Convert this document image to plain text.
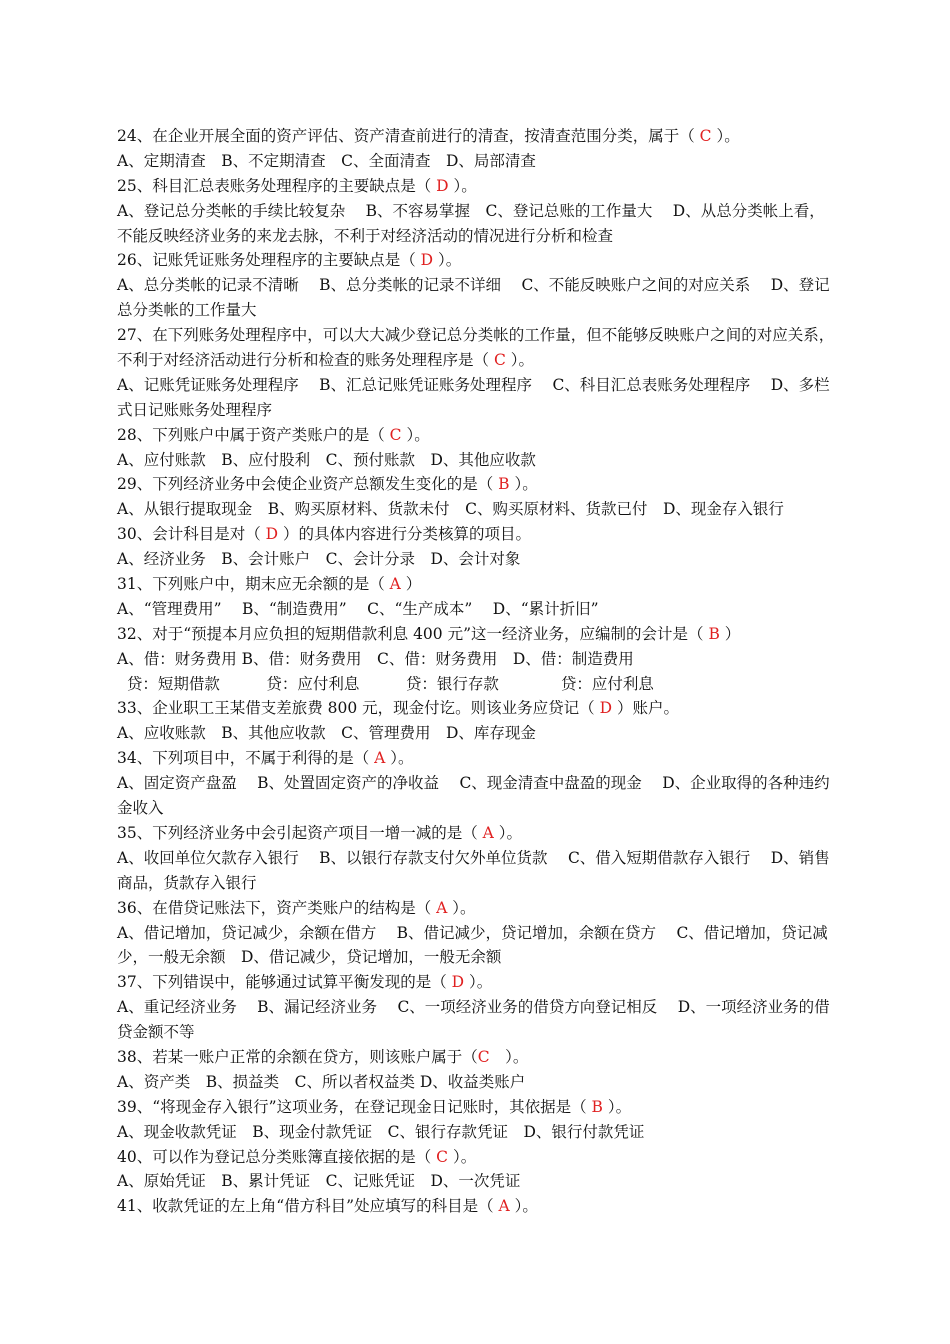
24、在企业开展全面的资产评估、资产清查前进行的清查，按清查范围分类，属于（ C ）。
A、定期清查　B、不定期清查　C、全面清查　D、局部清查
25、科目汇总表账务处理程序的主要缺点是（ D ）。
A、登记总分类帐的手续比较复杂　 B、不容易掌握　C、登记总账的工作量大　 D、从总分类帐上看，
不能反映经济业务的来龙去脉，不利于对经济活动的情况进行分析和检查
26、记账凭证账务处理程序的主要缺点是（ D ）。
A、总分类帐的记录不清晰　 B、总分类帐的记录不详细　 C、不能反映账户之间的对应关系　 D、登记
总分类帐的工作量大
27、在下列账务处理程序中，可以大大减少登记总分类帐的工作量，但不能够反映账户之间的对应关系，
不利于对经济活动进行分析和检查的账务处理程序是（ C ）。
A、记账凭证账务处理程序　 B、汇总记账凭证账务处理程序　 C、科目汇总表账务处理程序　 D、多栏
式日记账账务处理程序
28、下列账户中属于资产类账户的是（ C ）。
A、应付账款　B、应付股利　C、预付账款　D、其他应收款
29、下列经济业务中会使企业资产总额发生变化的是（ B ）。
A、从银行提取现金　B、购买原材料、货款未付　C、购买原材料、货款已付　D、现金存入银行
30、会计科目是对（ D ）的具体内容进行分类核算的项目。
A、经济业务　B、会计账户　C、会计分录　D、会计对象
31、下列账户中，期末应无余额的是（ A ）
A、“管理费用”　 B、“制造费用”　 C、“生产成本”　 D、“累计折旧”
32、对于“预提本月应负担的短期借款利息 400 元”这一经济业务，应编制的会计是（ B ）
A、借：财务费用 B、借：财务费用　C、借：财务费用　D、借：制造费用
贷：短期借款　　　贷：应付利息　　　贷：银行存款　　　　贷：应付利息
33、企业职工王某借支差旅费 800 元，现金付讫。则该业务应贷记（ D ）账户。
A、应收账款　B、其他应收款　C、管理费用　D、库存现金
34、下列项目中，不属于利得的是（ A ）。
A、固定资产盘盈　 B、处置固定资产的净收益　 C、现金清查中盘盈的现金　 D、企业取得的各种违约
金收入
35、下列经济业务中会引起资产项目一增一减的是（ A ）。
A、收回单位欠款存入银行　 B、以银行存款支付欠外单位货款　 C、借入短期借款存入银行　 D、销售
商品，货款存入银行
36、在借贷记账法下，资产类账户的结构是（ A ）。
A、借记增加，贷记减少，余额在借方　 B、借记减少，贷记增加，余额在贷方　 C、借记增加，贷记减
少，一般无余额　D、借记减少，贷记增加，一般无余额
37、下列错误中，能够通过试算平衡发现的是（ D ）。
A、重记经济业务　 B、漏记经济业务　 C、一项经济业务的借贷方向登记相反　 D、一项经济业务的借
贷金额不等
38、若某一账户正常的余额在贷方，则该账户属于（C　）。
A、资产类　B、损益类　C、所以者权益类 D、收益类账户
39、“将现金存入银行”这项业务，在登记现金日记账时，其依据是（ B ）。
A、现金收款凭证　B、现金付款凭证　C、银行存款凭证　D、银行付款凭证
40、可以作为登记总分类账簿直接依据的是（ C ）。
A、原始凭证　B、累计凭证　C、记账凭证　D、一次凭证
41、收款凭证的左上角“借方科目”处应填写的科目是（ A ）。
